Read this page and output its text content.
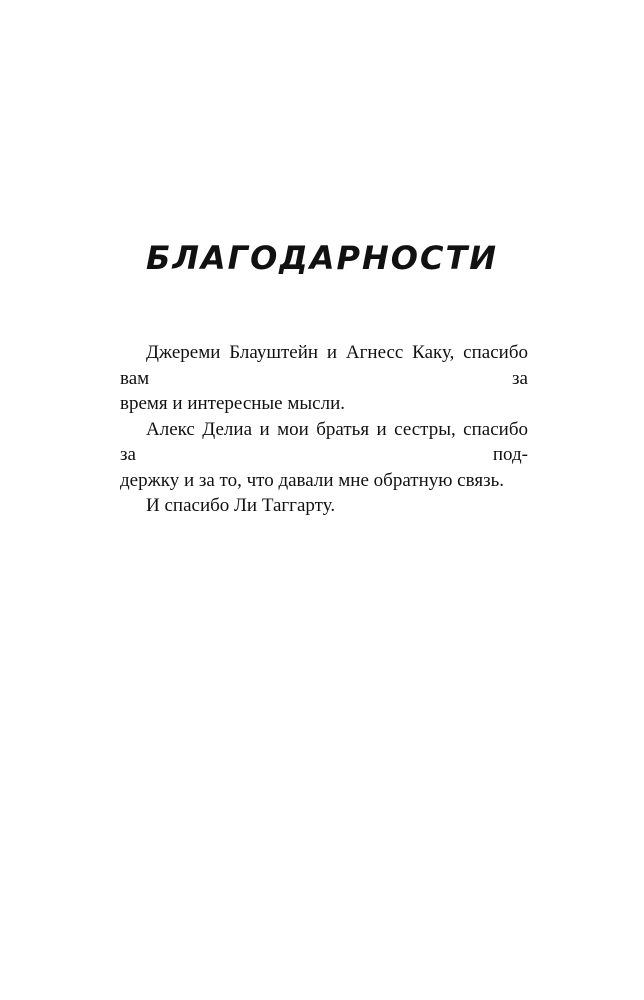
БЛАГОДАРНОСТИ

Джереми Блауштейн и Агнесс Каку, спасибо вам за
время и интересные мысли.

Алекс Делиа и мои братья и сестры, спасибо за под-
держку и за то, что давали мне обратную связь.

И спасибо Ли Таггарту.
